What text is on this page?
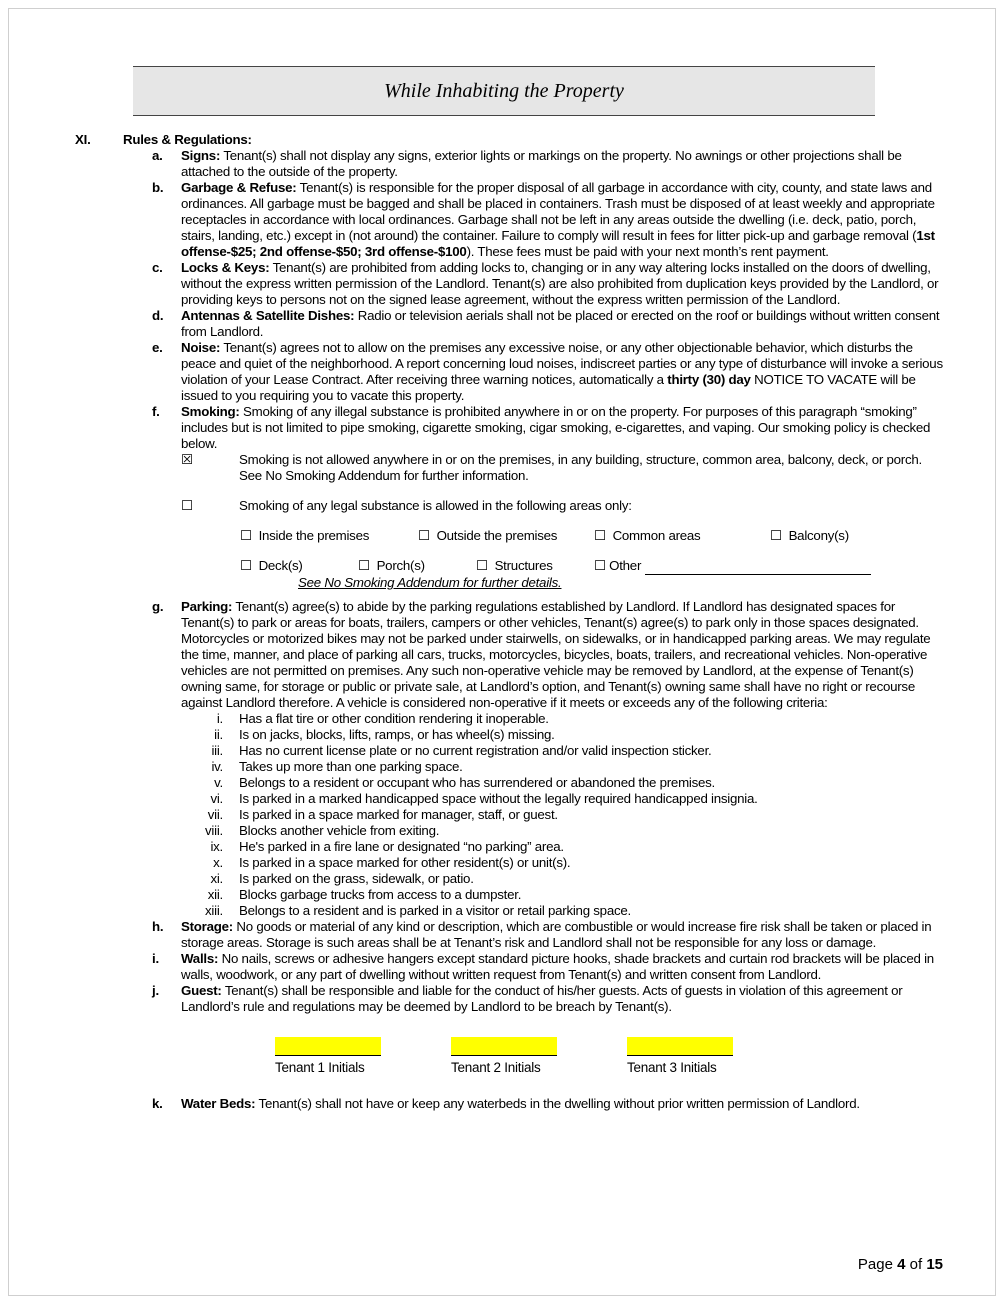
While Inhabiting the Property
XI. Rules & Regulations:
a.	Signs: Tenant(s) shall not display any signs, exterior lights or markings on the property. No awnings or other projections shall be attached to the outside of the property.
b.	Garbage & Refuse: Tenant(s) is responsible for the proper disposal of all garbage in accordance with city, county, and state laws and ordinances. All garbage must be bagged and shall be placed in containers. Trash must be disposed of at least weekly and appropriate receptacles in accordance with local ordinances. Garbage shall not be left in any areas outside the dwelling (i.e. deck, patio, porch, stairs, landing, etc.) except in (not around) the container. Failure to comply will result in fees for litter pick-up and garbage removal (1st offense-$25; 2nd offense-$50; 3rd offense-$100). These fees must be paid with your next month’s rent payment.
c.	Locks & Keys: Tenant(s) are prohibited from adding locks to, changing or in any way altering locks installed on the doors of dwelling, without the express written permission of the Landlord. Tenant(s) are also prohibited from duplication keys provided by the Landlord, or providing keys to persons not on the signed lease agreement, without the express written permission of the Landlord.
d.	Antennas & Satellite Dishes: Radio or television aerials shall not be placed or erected on the roof or buildings without written consent from Landlord.
e.	Noise: Tenant(s) agrees not to allow on the premises any excessive noise, or any other objectionable behavior, which disturbs the peace and quiet of the neighborhood. A report concerning loud noises, indiscreet parties or any type of disturbance will invoke a serious violation of your Lease Contract. After receiving three warning notices, automatically a thirty (30) day NOTICE TO VACATE will be issued to you requiring you to vacate this property.
f.	Smoking: Smoking of any illegal substance is prohibited anywhere in or on the property. For purposes of this paragraph “smoking” includes but is not limited to pipe smoking, cigarette smoking, cigar smoking, e-cigarettes, and vaping. Our smoking policy is checked below.
☒	Smoking is not allowed anywhere in or on the premises, in any building, structure, common area, balcony, deck, or porch. See No Smoking Addendum for further information.
☐	Smoking of any legal substance is allowed in the following areas only:
☐ Inside the premises	☐ Outside the premises	☐ Common areas	☐ Balcony(s)
☐ Deck(s)	☐ Porch(s)	☐ Structures	☐ Other
See No Smoking Addendum for further details.
g.	Parking: Tenant(s) agree(s) to abide by the parking regulations established by Landlord. If Landlord has designated spaces for Tenant(s) to park or areas for boats, trailers, campers or other vehicles, Tenant(s) agree(s) to park only in those spaces designated. Motorcycles or motorized bikes may not be parked under stairwells, on sidewalks, or in handicapped parking areas. We may regulate the time, manner, and place of parking all cars, trucks, motorcycles, bicycles, boats, trailers, and recreational vehicles. Non-operative vehicles are not permitted on premises. Any such non-operative vehicle may be removed by Landlord, at the expense of Tenant(s) owning same, for storage or public or private sale, at Landlord’s option, and Tenant(s) owning same shall have no right or recourse against Landlord therefore. A vehicle is considered non-operative if it meets or exceeds any of the following criteria:
i.	Has a flat tire or other condition rendering it inoperable.
ii.	Is on jacks, blocks, lifts, ramps, or has wheel(s) missing.
iii.	Has no current license plate or no current registration and/or valid inspection sticker.
iv.	Takes up more than one parking space.
v.	Belongs to a resident or occupant who has surrendered or abandoned the premises.
vi.	Is parked in a marked handicapped space without the legally required handicapped insignia.
vii.	Is parked in a space marked for manager, staff, or guest.
viii.	Blocks another vehicle from exiting.
ix.	He's parked in a fire lane or designated “no parking” area.
x.	Is parked in a space marked for other resident(s) or unit(s).
xi.	Is parked on the grass, sidewalk, or patio.
xii.	Blocks garbage trucks from access to a dumpster.
xiii.	Belongs to a resident and is parked in a visitor or retail parking space.
h.	Storage: No goods or material of any kind or description, which are combustible or would increase fire risk shall be taken or placed in storage areas. Storage is such areas shall be at Tenant’s risk and Landlord shall not be responsible for any loss or damage.
i.	Walls: No nails, screws or adhesive hangers except standard picture hooks, shade brackets and curtain rod brackets will be placed in walls, woodwork, or any part of dwelling without written request from Tenant(s) and written consent from Landlord.
j.	Guest: Tenant(s) shall be responsible and liable for the conduct of his/her guests. Acts of guests in violation of this agreement or Landlord’s rule and regulations may be deemed by Landlord to be breach by Tenant(s).
Tenant 1 Initials	Tenant 2 Initials	Tenant 3 Initials
k.	Water Beds: Tenant(s) shall not have or keep any waterbeds in the dwelling without prior written permission of Landlord.
Page 4 of 15
